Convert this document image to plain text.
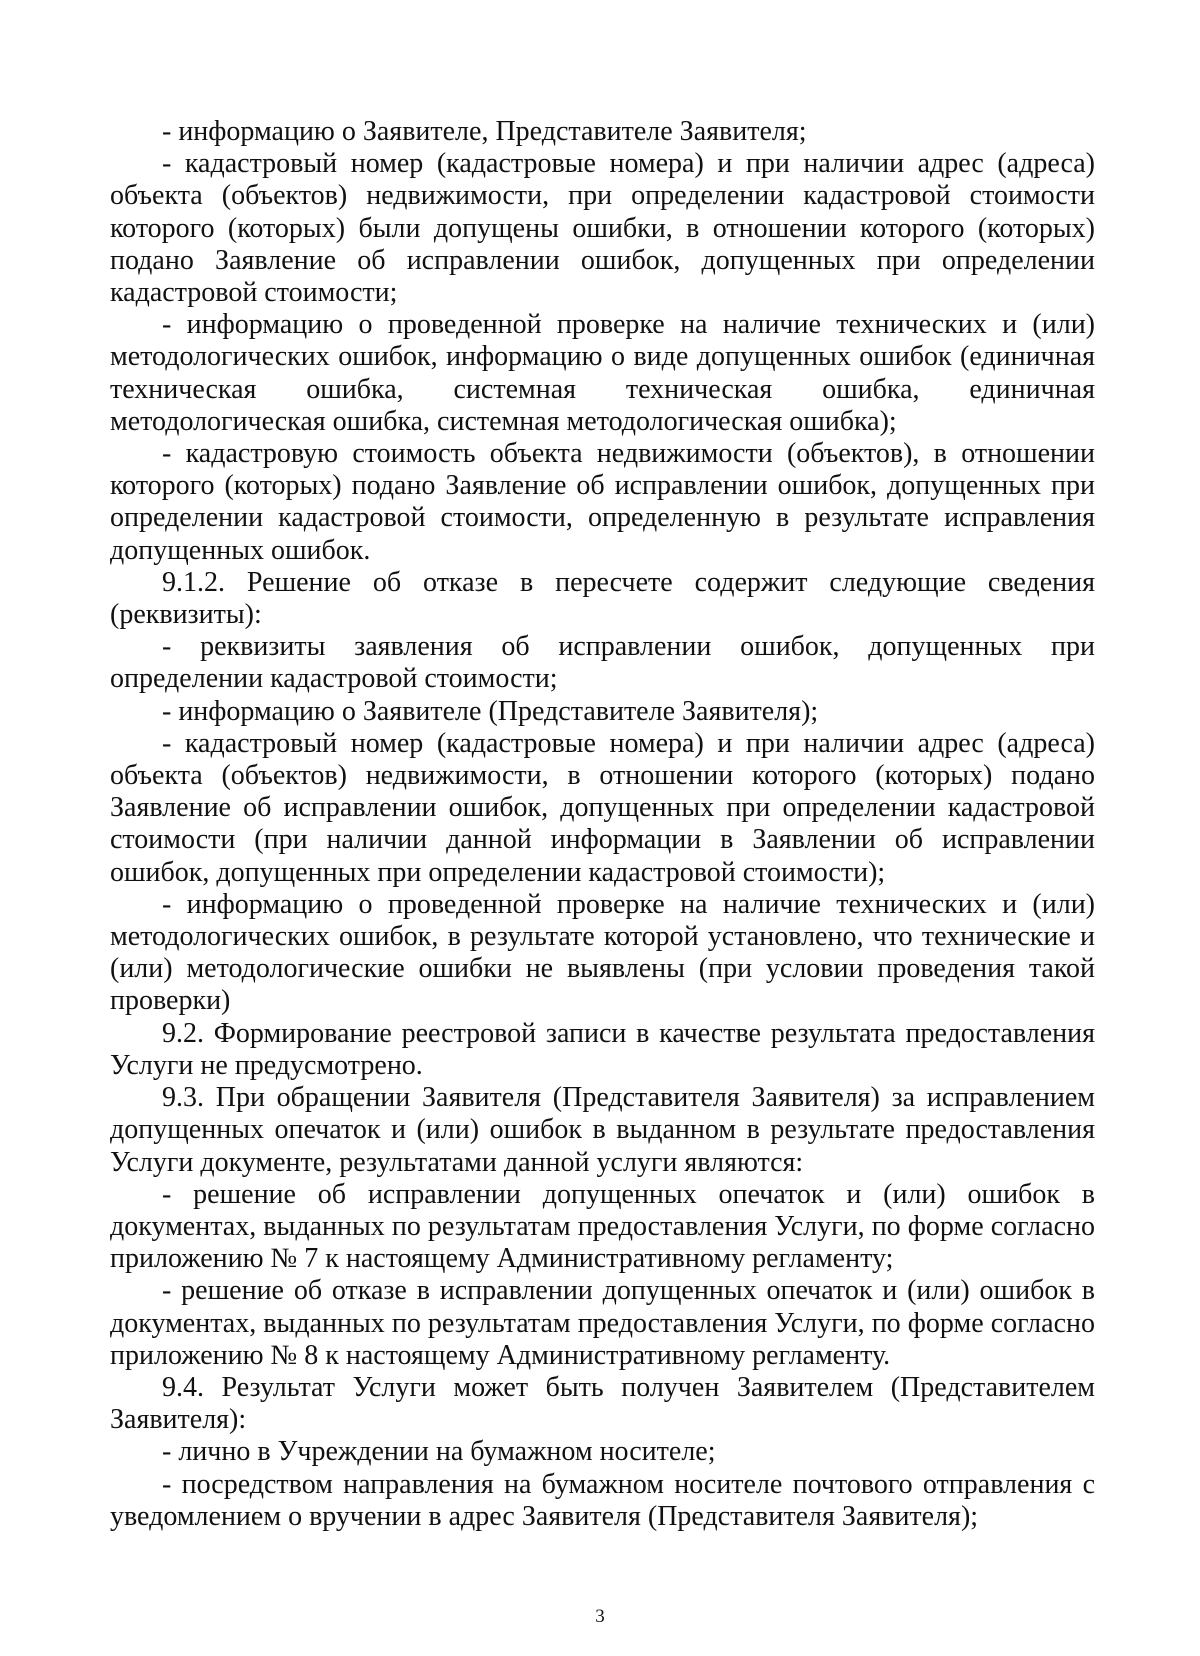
- информацию о Заявителе, Представителе Заявителя;

- кадастровый номер (кадастровые номера) и при наличии адрес (адреса) объекта (объектов) недвижимости, при определении кадастровой стоимости которого (которых) были допущены ошибки, в отношении которого (которых) подано Заявление об исправлении ошибок, допущенных при определении кадастровой стоимости;

- информацию о проведенной проверке на наличие технических и (или) методологических ошибок, информацию о виде допущенных ошибок (единичная техническая ошибка, системная техническая ошибка, единичная методологическая ошибка, системная методологическая ошибка);

- кадастровую стоимость объекта недвижимости (объектов), в отношении которого (которых) подано Заявление об исправлении ошибок, допущенных при определении кадастровой стоимости, определенную в результате исправления допущенных ошибок.

9.1.2. Решение об отказе в пересчете содержит следующие сведения (реквизиты):

- реквизиты заявления об исправлении ошибок, допущенных при определении кадастровой стоимости;

- информацию о Заявителе (Представителе Заявителя);

- кадастровый номер (кадастровые номера) и при наличии адрес (адреса) объекта (объектов) недвижимости, в отношении которого (которых) подано Заявление об исправлении ошибок, допущенных при определении кадастровой стоимости (при наличии данной информации в Заявлении об исправлении ошибок, допущенных при определении кадастровой стоимости);

- информацию о проведенной проверке на наличие технических и (или) методологических ошибок, в результате которой установлено, что технические и (или) методологические ошибки не выявлены (при условии проведения такой проверки)

9.2. Формирование реестровой записи в качестве результата предоставления Услуги не предусмотрено.

9.3. При обращении Заявителя (Представителя Заявителя) за исправлением допущенных опечаток и (или) ошибок в выданном в результате предоставления Услуги документе, результатами данной услуги являются:

- решение об исправлении допущенных опечаток и (или) ошибок в документах, выданных по результатам предоставления Услуги, по форме согласно приложению № 7 к настоящему Административному регламенту;

- решение об отказе в исправлении допущенных опечаток и (или) ошибок в документах, выданных по результатам предоставления Услуги, по форме согласно приложению № 8 к настоящему Административному регламенту.

9.4. Результат Услуги может быть получен Заявителем (Представителем Заявителя):

- лично в Учреждении на бумажном носителе;

- посредством направления на бумажном носителе почтового отправления с уведомлением о вручении в адрес Заявителя (Представителя Заявителя);

3
